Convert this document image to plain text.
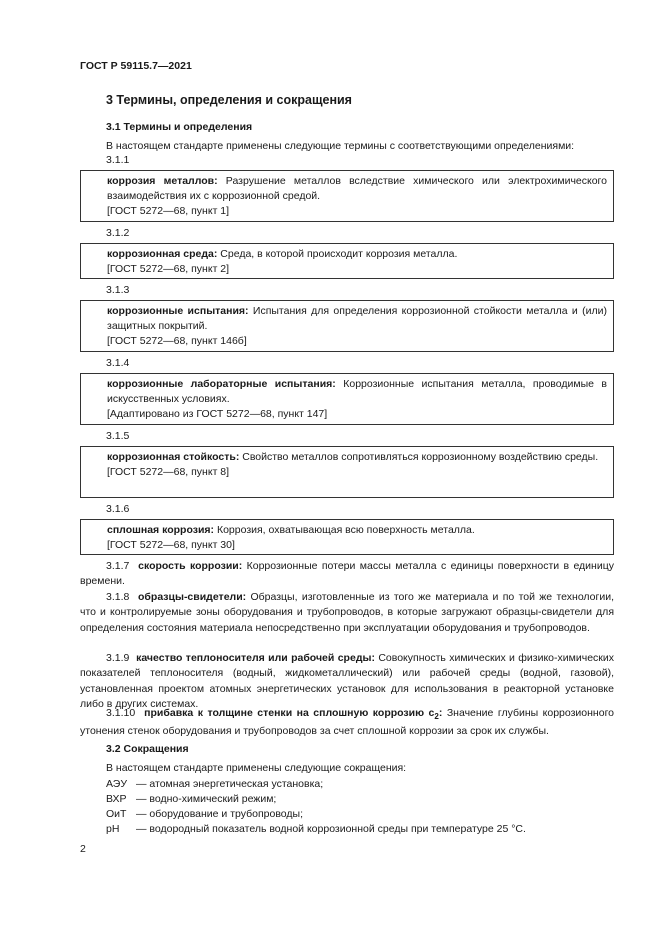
ГОСТ Р 59115.7—2021
3 Термины, определения и сокращения
3.1 Термины и определения
В настоящем стандарте применены следующие термины с соответствующими определениями:
3.1.1
коррозия металлов: Разрушение металлов вследствие химического или электрохимического взаимодействия их с коррозионной средой.
[ГОСТ 5272—68, пункт 1]
3.1.2
коррозионная среда: Среда, в которой происходит коррозия металла.
[ГОСТ 5272—68, пункт 2]
3.1.3
коррозионные испытания: Испытания для определения коррозионной стойкости металла и (или) защитных покрытий.
[ГОСТ 5272—68, пункт 146б]
3.1.4
коррозионные лабораторные испытания: Коррозионные испытания металла, проводимые в искусственных условиях.
[Адаптировано из ГОСТ 5272—68, пункт 147]
3.1.5
коррозионная стойкость: Свойство металлов сопротивляться коррозионному воздействию среды.
[ГОСТ 5272—68, пункт 8]
3.1.6
сплошная коррозия: Коррозия, охватывающая всю поверхность металла.
[ГОСТ 5272—68, пункт 30]
3.1.7 скорость коррозии: Коррозионные потери массы металла с единицы поверхности в единицу времени.
3.1.8 образцы-свидетели: Образцы, изготовленные из того же материала и по той же технологии, что и контролируемые зоны оборудования и трубопроводов, в которые загружают образцы-свидетели для определения состояния материала непосредственно при эксплуатации оборудования и трубопроводов.
3.1.9 качество теплоносителя или рабочей среды: Совокупность химических и физико-химических показателей теплоносителя (водный, жидкометаллический) или рабочей среды (водной, газовой), установленная проектом атомных энергетических установок для использования в реакторной установке либо в других системах.
3.1.10 прибавка к толщине стенки на сплошную коррозию $c_2$: Значение глубины коррозионного утонения стенок оборудования и трубопроводов за счет сплошной коррозии за срок их службы.
3.2 Сокращения
В настоящем стандарте применены следующие сокращения:
АЭУ — атомная энергетическая установка;
ВХР — водно-химический режим;
ОиТ — оборудование и трубопроводы;
pH — водородный показатель водной коррозионной среды при температуре 25 °С.
2
